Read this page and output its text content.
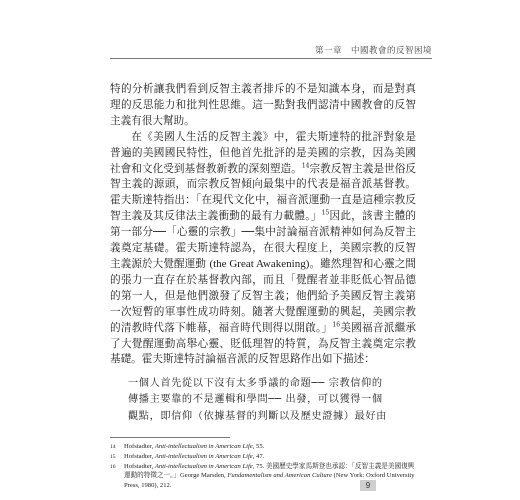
第一章　中國教會的反智困境

特的分析讓我們看到反智主義者排斥的不是知識本身，而是對真理的反思能力和批判性思維。這一點對我們認清中國教會的反智主義有很大幫助。

在《美國人生活的反智主義》中，霍夫斯達特的批評對象是普遍的美國國民特性，但他首先批評的是美國的宗教，因為美國社會和文化受到基督教新教的深刻塑造。$^{14}$宗教反智主義是世俗反智主義的源頭，而宗教反智傾向最集中的代表是福音派基督教。霍夫斯達特指出：「在現代文化中，福音派運動一直是這種宗教反智主義及其反律法主義衝動的最有力載體。」$^{15}$因此，該書主體的第一部分──「心靈的宗教」──集中討論福音派精神如何為反智主義奠定基礎。霍夫斯達特認為，在很大程度上，美國宗教的反智主義源於大覺醒運動 (the Great Awakening)。雖然理智和心靈之間的張力一直存在於基督教內部，而且「覺醒者並非貶低心智品德的第一人，但是他們激發了反智主義；他們給予美國反智主義第一次短暫的軍事性成功時刻。隨著大覺醒運動的興起，美國宗教的清教時代落下帷幕，福音時代則得以開啟。」$^{16}$美國福音派繼承了大覺醒運動高舉心靈、貶低理智的特質，為反智主義奠定宗教基礎。霍夫斯達特討論福音派的反智思路作出如下描述：

一個人首先從以下沒有太多爭議的命題── 宗教信仰的
傳播主要靠的不是邏輯和學問── 出發，可以獲得一個
觀點，即信仰（依據基督的判斷以及歷史證據）最好由
14	Hofstadter, Anti-intellectualism in American Life, 55.
15	Hofstadter, Anti-intellectualism in American Life, 47.
16	Hofstadter, Anti-intellectualism in American Life, 75. 美國歷史學家馬斯登也承認：「反智主義是美國復興運動的特徵之一。」George Marsden, Fundamentalism and American Culture (New York: Oxford University Press, 1980), 212.	9
